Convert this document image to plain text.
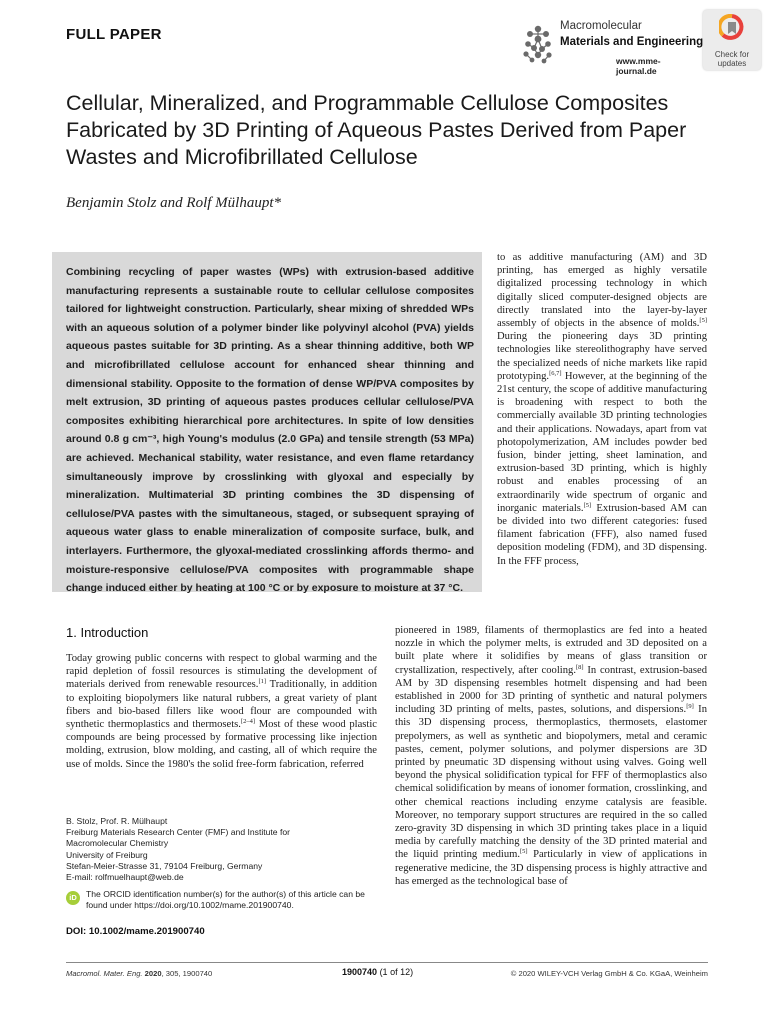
FULL PAPER	Macromolecular
Materials and Engineering
www.mme-journal.de
Check for updates
Cellular, Mineralized, and Programmable Cellulose Composites Fabricated by 3D Printing of Aqueous Pastes Derived from Paper Wastes and Microfibrillated Cellulose
Benjamin Stolz and Rolf Mülhaupt*

Combining recycling of paper wastes (WPs) with extrusion-based additive manufacturing represents a sustainable route to cellular cellulose composites tailored for lightweight construction. Particularly, shear mixing of shredded WPs with an aqueous solution of a polymer binder like polyvinyl alcohol (PVA) yields aqueous pastes suitable for 3D printing. As a shear thinning additive, both WP and microfibrillated cellulose account for enhanced shear thinning and dimensional stability. Opposite to the formation of dense WP/PVA composites by melt extrusion, 3D printing of aqueous pastes produces cellular cellulose/PVA composites exhibiting hierarchical pore architectures. In spite of low densities around 0.8 g cm⁻³, high Young's modulus (2.0 GPa) and tensile strength (53 MPa) are achieved. Mechanical stability, water resistance, and even flame retardancy simultaneously improve by crosslinking with glyoxal and especially by mineralization. Multimaterial 3D printing combines the 3D dispensing of cellulose/PVA pastes with the simultaneous, staged, or subsequent spraying of aqueous water glass to enable mineralization of composite surface, bulk, and interlayers. Furthermore, the glyoxal-mediated crosslinking affords thermo- and moisture-responsive cellulose/PVA composites with programmable shape change induced either by heating at 100 °C or by exposure to moisture at 37 °C.

to as additive manufacturing (AM) and 3D printing, has emerged as highly versatile digitalized processing technology in which digitally sliced computer-designed objects are directly translated into the layer-by-layer assembly of objects in the absence of molds.[5] During the pioneering days 3D printing technologies like stereolithography have served the specialized needs of niche markets like rapid prototyping.[6,7] However, at the beginning of the 21st century, the scope of additive manufacturing is broadening with respect to both the commercially available 3D printing technologies and their applications. Nowadays, apart from vat photopolymerization, AM includes powder bed fusion, binder jetting, sheet lamination, and extrusion-based 3D printing, which is highly robust and enables processing of an extraordinarily wide spectrum of organic and inorganic materials.[5] Extrusion-based AM can be divided into two different categories: fused filament fabrication (FFF), also named fused deposition modeling (FDM), and 3D dispensing. In the FFF process,

1. Introduction

Today growing public concerns with respect to global warming and the rapid depletion of fossil resources is stimulating the development of materials derived from renewable resources.[1] Traditionally, in addition to exploiting biopolymers like natural rubbers, a great variety of plant fibers and bio-based fillers like wood flour are compounded with synthetic thermoplastics and thermosets.[2–4] Most of these wood plastic compounds are being processed by formative processing like injection molding, extrusion, blow molding, and casting, all of which require the use of molds. Since the 1980's the solid free-form fabrication, referred

pioneered in 1989, filaments of thermoplastics are fed into a heated nozzle in which the polymer melts, is extruded and 3D deposited on a built plate where it solidifies by means of glass transition or crystallization, respectively, after cooling.[8] In contrast, extrusion-based AM by 3D dispensing resembles hotmelt dispensing and had been established in 2000 for 3D printing of synthetic and natural polymers including 3D printing of melts, pastes, solutions, and dispersions.[9] In this 3D dispensing process, thermoplastics, thermosets, elastomer prepolymers, as well as synthetic and biopolymers, metal and ceramic pastes, cement, polymer solutions, and polymer dispersions are 3D printed by pneumatic 3D dispensing without using valves. Going well beyond the physical solidification typical for FFF of thermoplastics also chemical solidification by means of ionomer formation, crosslinking, and other chemical reactions including enzyme catalysis are feasible. Moreover, no temporary support structures are required in the so called zero-gravity 3D dispensing in which 3D printing takes place in a liquid media by carefully matching the density of the 3D printed material and the liquid printing medium.[5] Particularly in view of applications in regenerative medicine, the 3D dispensing process is highly attractive and has emerged as the technological base of

B. Stolz, Prof. R. Mülhaupt
Freiburg Materials Research Center (FMF) and Institute for
Macromolecular Chemistry
University of Freiburg
Stefan-Meier-Strasse 31, 79104 Freiburg, Germany
E-mail: rolfmuelhaupt@web.de
iD	The ORCID identification number(s) for the author(s) of this article can be found under https://doi.org/10.1002/mame.201900740.
DOI: 10.1002/mame.201900740
Macromol. Mater. Eng. 2020, 305, 1900740	1900740 (1 of 12)	© 2020 WILEY-VCH Verlag GmbH & Co. KGaA, Weinheim
